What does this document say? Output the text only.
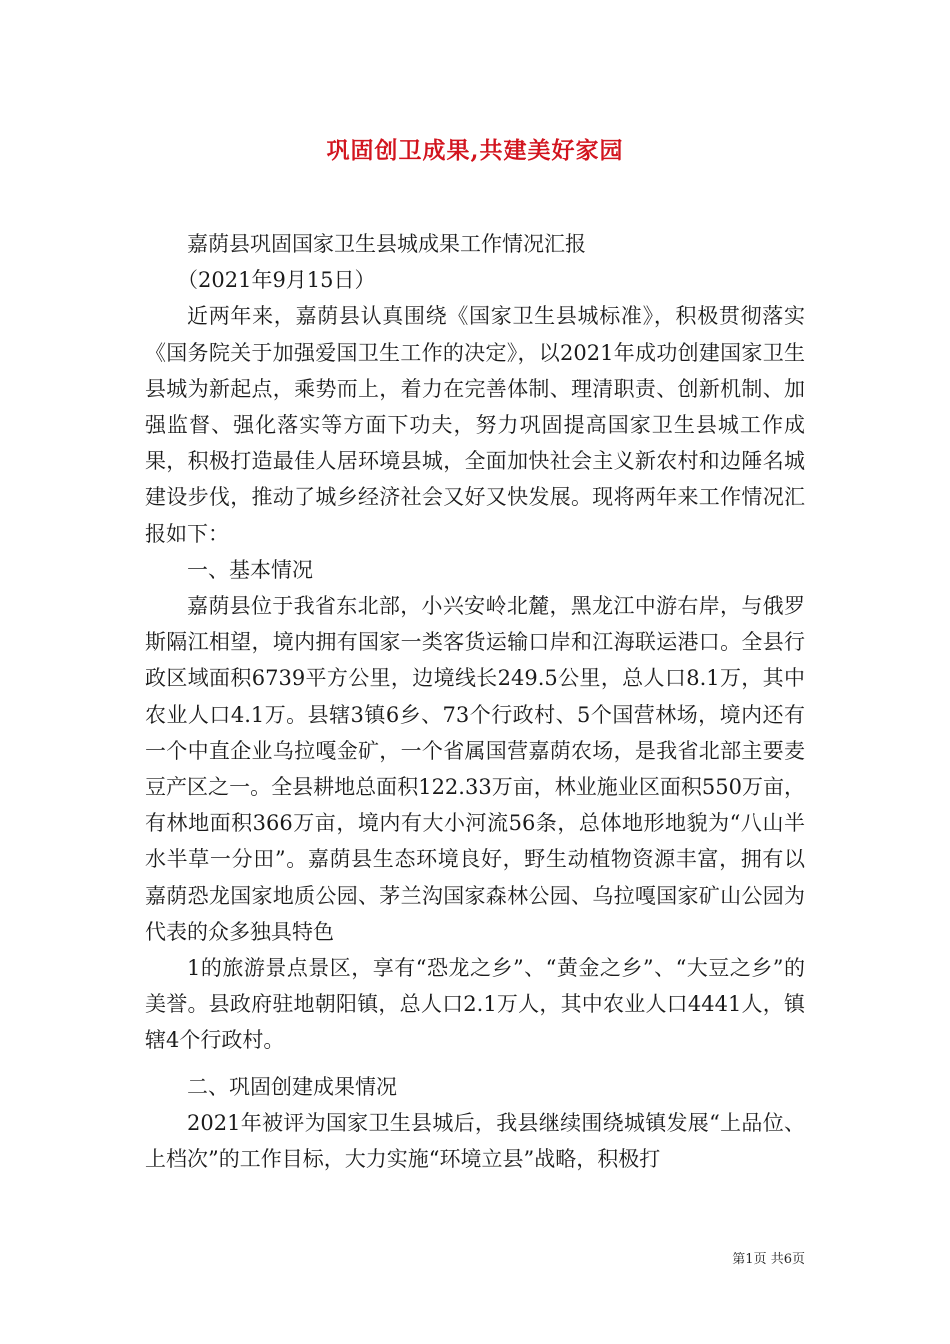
巩固创卫成果,共建美好家园

嘉荫县巩固国家卫生县城成果工作情况汇报

（2021年9月15日）

近两年来，嘉荫县认真围绕《国家卫生县城标准》，积极贯彻落实《国务院关于加强爱国卫生工作的决定》，以2021年成功创建国家卫生县城为新起点，乘势而上，着力在完善体制、理清职责、创新机制、加强监督、强化落实等方面下功夫，努力巩固提高国家卫生县城工作成果，积极打造最佳人居环境县城，全面加快社会主义新农村和边陲名城建设步伐，推动了城乡经济社会又好又快发展。现将两年来工作情况汇报如下：

一、基本情况

嘉荫县位于我省东北部，小兴安岭北麓，黑龙江中游右岸，与俄罗斯隔江相望，境内拥有国家一类客货运输口岸和江海联运港口。全县行政区域面积6739平方公里，边境线长249.5公里，总人口8.1万，其中农业人口4.1万。县辖3镇6乡、73个行政村、5个国营林场，境内还有一个中直企业乌拉嘎金矿，一个省属国营嘉荫农场，是我省北部主要麦豆产区之一。全县耕地总面积122.33万亩，林业施业区面积550万亩，有林地面积366万亩，境内有大小河流56条，总体地形地貌为“八山半水半草一分田”。嘉荫县生态环境良好，野生动植物资源丰富，拥有以嘉荫恐龙国家地质公园、茅兰沟国家森林公园、乌拉嘎国家矿山公园为代表的众多独具特色

1的旅游景点景区，享有“恐龙之乡”、“黄金之乡”、“大豆之乡”的美誉。县政府驻地朝阳镇，总人口2.1万人，其中农业人口4441人，镇辖4个行政村。

二、巩固创建成果情况

2021年被评为国家卫生县城后，我县继续围绕城镇发展“上品位、上档次”的工作目标，大力实施“环境立县”战略，积极打

第1页 共6页
